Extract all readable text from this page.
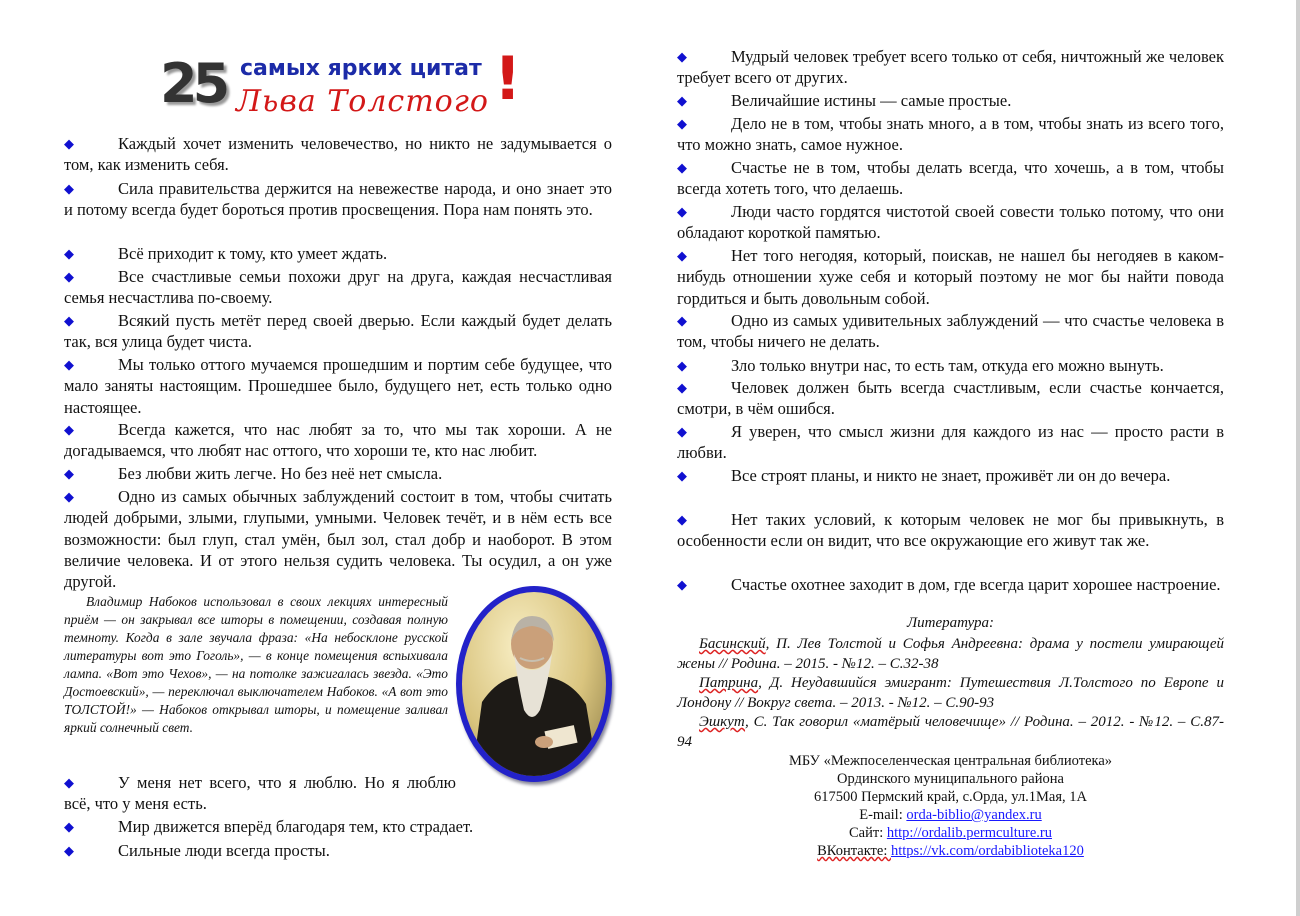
25 самых ярких цитат
Льва Толстого !

◆	Каждый хочет изменить человечество, но никто не задумывается о том, как изменить себя.

◆	Сила правительства держится на невежестве народа, и оно знает это и потому всегда будет бороться против просвещения. Пора нам понять это.

◆	Всё приходит к тому, кто умеет ждать.

◆	Все счастливые семьи похожи друг на друга, каждая несчастливая семья несчастлива по-своему.

◆	Всякий пусть метёт перед своей дверью. Если каждый будет делать так, вся улица будет чиста.

◆	Мы только оттого мучаемся прошедшим и портим себе будущее, что мало заняты настоящим. Прошедшее было, будущего нет, есть только одно настоящее.

◆	Всегда кажется, что нас любят за то, что мы так хороши. А не догадываемся, что любят нас оттого, что хороши те, кто нас любит.

◆	Без любви жить легче. Но без неё нет смысла.

◆	Одно из самых обычных заблуждений состоит в том, чтобы считать людей добрыми, злыми, глупыми, умными. Человек течёт, и в нём есть все возможности: был глуп, стал умён, был зол, стал добр и наоборот. В этом величие человека. И от этого нельзя судить человека. Ты осудил, а он уже другой.

Владимир Набоков использовал в своих лекциях интересный приём — он закрывал все шторы в помещении, создавая полную темноту. Когда в зале звучала фраза: «На небосклоне русской литературы вот это Гоголь», — в конце помещения вспыхивала лампа. «Вот это Чехов», — на потолке зажигалась звезда. «Это Достоевский», — переключал выключателем Набоков. «А вот это ТОЛСТОЙ!» — Набоков открывал шторы, и помещение заливал яркий солнечный свет.

◆	У меня нет всего, что я люблю. Но я люблю всё, что у меня есть.

◆	Мир движется вперёд благодаря тем, кто страдает.

◆	Сильные люди всегда просты.

◆	Мудрый человек требует всего только от себя, ничтожный же человек требует всего от других.

◆	Величайшие истины — самые простые.

◆	Дело не в том, чтобы знать много, а в том, чтобы знать из всего того, что можно знать, самое нужное.

◆	Счастье не в том, чтобы делать всегда, что хочешь, а в том, чтобы всегда хотеть того, что делаешь.

◆	Люди часто гордятся чистотой своей совести только потому, что они обладают короткой памятью.

◆	Нет того негодяя, который, поискав, не нашел бы негодяев в каком-нибудь отношении хуже себя и который поэтому не мог бы найти повода гордиться и быть довольным собой.

◆	Одно из самых удивительных заблуждений — что счастье человека в том, чтобы ничего не делать.

◆	Зло только внутри нас, то есть там, откуда его можно вынуть.

◆	Человек должен быть всегда счастливым, если счастье кончается, смотри, в чём ошибся.

◆	Я уверен, что смысл жизни для каждого из нас — просто расти в любви.

◆	Все строят планы, и никто не знает, проживёт ли он до вечера.

◆	Нет таких условий, к которым человек не мог бы привыкнуть, в особенности если он видит, что все окружающие его живут так же.

◆	Счастье охотнее заходит в дом, где всегда царит хорошее настроение.

Литература:

Басинский, П. Лев Толстой и Софья Андреевна: драма у постели умирающей жены // Родина. – 2015. - №12. – С.32-38

Патрина, Д. Неудавшийся эмигрант: Путешествия Л.Толстого по Европе и Лондону // Вокруг света. – 2013. - №12. – С.90-93

Эшкут, С. Так говорил «матёрый человечище» // Родина. – 2012. - №12. – С.87-94

МБУ «Межпоселенческая центральная библиотека»
Ординского муниципального района
617500 Пермский край, с.Орда, ул.1Мая, 1А
E-mail: orda-biblio@yandex.ru
Сайт: http://ordalib.permculture.ru
ВКонтакте: https://vk.com/ordabiblioteka120
